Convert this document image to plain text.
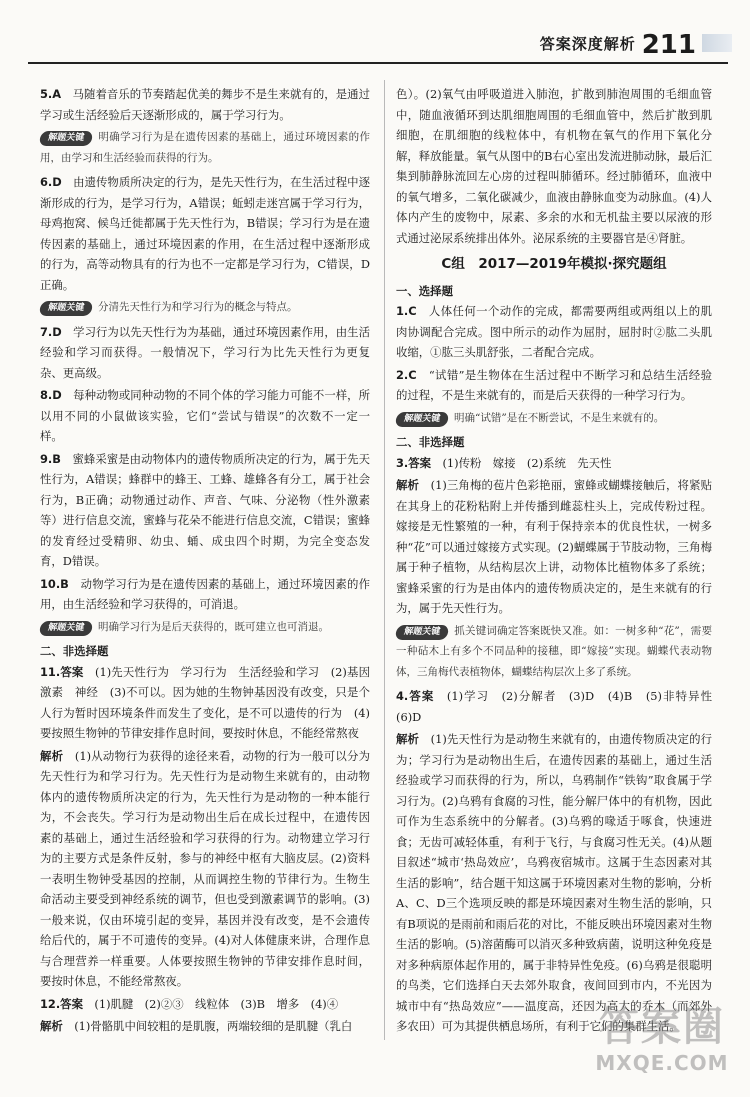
答案深度解析 211

5.A　 马随着音乐的节奏踏起优美的舞步不是生来就有的，是通过学习或生活经验后天逐渐形成的，属于学习行为。

解题关键 明确学习行为是在遗传因素的基础上，通过环境因素的作用，由学习和生活经验而获得的行为。

6.D　 由遗传物质所决定的行为，是先天性行为，在生活过程中逐渐形成的行为，是学习行为，A错误；蚯蚓走迷宫属于学习行为，母鸡抱窝、候鸟迁徙都属于先天性行为，B错误；学习行为是在遗传因素的基础上，通过环境因素的作用，在生活过程中逐渐形成的行为，高等动物具有的行为也不一定都是学习行为，C错误，D正确。

解题关键 分清先天性行为和学习行为的概念与特点。

7.D　 学习行为以先天性行为为基础，通过环境因素作用，由生活经验和学习而获得。一般情况下，学习行为比先天性行为更复杂、更高级。

8.D　 每种动物或同种动物的不同个体的学习能力可能不一样，所以用不同的小鼠做该实验，它们“尝试与错误”的次数不一定一样。

9.B　 蜜蜂采蜜是由动物体内的遗传物质所决定的行为，属于先天性行为，A错误；蜂群中的蜂王、工蜂、雄蜂各有分工，属于社会行为，B正确；动物通过动作、声音、气味、分泌物（性外激素等）进行信息交流，蜜蜂与花朵不能进行信息交流，C错误；蜜蜂的发育经过受精卵、幼虫、蛹、成虫四个时期，为完全变态发育，D错误。

10.B　 动物学习行为是在遗传因素的基础上，通过环境因素的作用，由生活经验和学习获得的，可消退。

解题关键 明确学习行为是后天获得的，既可建立也可消退。

二、非选择题

11.答案　 (1)先天性行为　学习行为　生活经验和学习　(2)基因　激素　神经　(3)不可以。因为她的生物钟基因没有改变，只是个人行为暂时因环境条件而发生了变化，是不可以遗传的行为　(4)要按照生物钟的节律安排作息时间，要按时休息，不能经常熬夜

解析　 (1)从动物行为获得的途径来看，动物的行为一般可以分为先天性行为和学习行为。先天性行为是动物生来就有的，由动物体内的遗传物质所决定的行为，先天性行为是动物的一种本能行为，不会丧失。学习行为是动物出生后在成长过程中，在遗传因素的基础上，通过生活经验和学习获得的行为。动物建立学习行为的主要方式是条件反射，参与的神经中枢有大脑皮层。(2)资料一表明生物钟受基因的控制，从而调控生物的节律行为。生物生命活动主要受到神经系统的调节，但也受到激素调节的影响。(3)一般来说，仅由环境引起的变异，基因并没有改变，是不会遗传给后代的，属于不可遗传的变异。(4)对人体健康来讲，合理作息与合理营养一样重要。人体要按照生物钟的节律安排作息时间，要按时休息，不能经常熬夜。

12.答案　 (1)肌腱　(2)②③　线粒体　(3)B　增多　(4)④

解析　 (1)骨骼肌中间较粗的是肌腹，两端较细的是肌腱（乳白

色）。(2)氧气由呼吸道进入肺泡，扩散到肺泡周围的毛细血管中，随血液循环到达肌细胞周围的毛细血管中，然后扩散到肌细胞，在肌细胞的线粒体中，有机物在氧气的作用下氧化分解，释放能量。氧气从图中的B右心室出发流进肺动脉，最后汇集到肺静脉流回左心房的过程叫肺循环。经过肺循环，血液中的氧气增多，二氧化碳减少，血液由静脉血变为动脉血。(4)人体内产生的废物中，尿素、多余的水和无机盐主要以尿液的形式通过泌尿系统排出体外。泌尿系统的主要器官是④肾脏。

C组　2017—2019年模拟·探究题组

一、选择题

1.C　 人体任何一个动作的完成，都需要两组或两组以上的肌肉协调配合完成。图中所示的动作为屈肘，屈肘时②肱二头肌收缩，①肱三头肌舒张，二者配合完成。

2.C　 “试错”是生物体在生活过程中不断学习和总结生活经验的过程，不是生来就有的，而是后天获得的一种学习行为。

解题关键 明确“试错”是在不断尝试，不是生来就有的。

二、非选择题

3.答案　 (1)传粉　嫁接　(2)系统　先天性

解析　 (1)三角梅的苞片色彩艳丽，蜜蜂或蝴蝶接触后，将紧贴在其身上的花粉粘附上并传播到雌蕊柱头上，完成传粉过程。嫁接是无性繁殖的一种，有利于保持亲本的优良性状，一树多种“花”可以通过嫁接方式实现。(2)蝴蝶属于节肢动物，三角梅属于种子植物，从结构层次上讲，动物体比植物体多了系统；蜜蜂采蜜的行为是由体内的遗传物质决定的，是生来就有的行为，属于先天性行为。

解题关键 抓关键词确定答案既快又准。如：一树多种“花”，需要一种砧木上有多个不同品种的接穗，即“嫁接”实现。蝴蝶代表动物体，三角梅代表植物体，蝴蝶结构层次上多了系统。

4.答案　 (1)学习　(2)分解者　(3)D　(4)B　(5)非特异性　(6)D

解析　 (1)先天性行为是动物生来就有的，由遗传物质决定的行为；学习行为是动物出生后，在遗传因素的基础上，通过生活经验或学习而获得的行为，所以，乌鸦制作“铁钩”取食属于学习行为。(2)乌鸦有食腐的习性，能分解尸体中的有机物，因此可作为生态系统中的分解者。(3)乌鸦的喙适于啄食，快速进食；无齿可减轻体重，有利于飞行，与食腐习性无关。(4)从题目叙述“城市‘热岛效应’，乌鸦夜宿城市。这属于生态因素对其生活的影响”，结合题干知这属于环境因素对生物的影响，分析A、C、D三个选项反映的都是环境因素对生物生活的影响，只有B项说的是雨前和雨后花的对比，不能反映出环境因素对生物生活的影响。(5)溶菌酶可以消灭多种致病菌，说明这种免疫是对多种病原体起作用的，属于非特异性免疫。(6)乌鸦是很聪明的鸟类，它们选择白天去郊外取食，夜间回到市内，不光因为城市中有“热岛效应”——温度高，还因为高大的乔木（而郊外多农田）可为其提供栖息场所，有利于它们的集群生活。

答案圈
MXQE.COM
